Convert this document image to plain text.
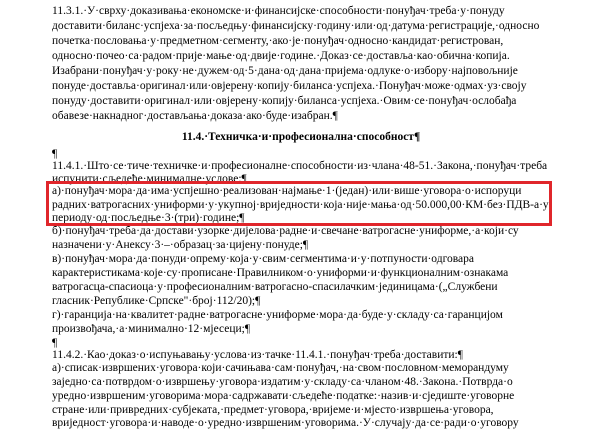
11.3.1.·У·сврху·доказивања·економске·и·финансијске·способности·понуђач·треба·у·понуду
доставити·биланс·успјеха·за·посљедњу·финансијску·годину·или·од·датума·регистрације,·односно
почетка·пословања·у·предметном·сегменту,·ако·је·понуђач·односно·кандидат·регистрован,
односно·почео·са·радом·прије·мање·од·двије·године.·Доказ·се·доставља·као·обична·копија.
Изабрани·понуђач·у·року·не·дужем·од·5·дана·од·дана·пријема·одлуке·о·избору·најповољније
понуде·доставља·оригинал·или·овјерену·копију·биланса·успјеха.·Понуђач·може·одмах·уз·своју
понуду·доставити·оригинал·или·овјерену·копију·биланса·успјеха.·Овим·се·понуђач·ослобађа
обавезе·накнадног·достављања·доказа·ако·буде·изабран.¶
11.4.·Техничка·и·професионална·способност¶
¶
11.4.1.·Што·се·тиче·техничке·и·професионалне·способности·из·члана·48-51.·Закона,·понуђач·треба
испунити·сљедеће·минималне·услове:¶
а)·понуђач·мора·да·има·успјешно·реализован·најмање·1·(један)·или·више·уговора·о·испоруци
радних·ватрогасних·униформи·у·укупној·вриједности·која·није·мања·од·50.000,00·КМ·без·ПДВ-а·у
периоду·од·посљедње·3·(три)·године;¶
б)·понуђач·треба·да·достави·узорке·дијелова·радне·и·свечане·ватрогасне·униформе,·а·који·су
назначени·у·Анексу·3·–·образац·за·цијену·понуде;¶
в)·понуђач·мора·да·понуди·опрему·која·у·свим·сегментима·и·у·потпуности·одговара
карактеристикама·које·су·прописане·Правилником·о·униформи·и·функционалним·ознакама
ватрогасца-спасиоца·у·професионалним·ватрогасно-спасилачким·јединицама·(„Службени
гласник·Републике·Српске"·број·112/20);¶
г)·гаранција·на·квалитет·радне·ватрогасне·униформе·мора·да·буде·у·складу·са·гаранцијом
произвођача,·а·минимално·12·мјесеци;¶
¶
11.4.2.·Као·доказ·о·испуњавању·услова·из·тачке·11.4.1.·понуђач·треба·доставити:¶
а)·списак·извршених·уговора·који·сачињава·сам·понуђач,·на·свом·пословном·меморандуму
заједно·са·потврдом·о·извршењу·уговора·издатим·у·складу·са·чланом·48.·Закона.·Потврда·о
уредно·извршеним·уговорима·мора·садржавати·сљедеће·податке:·назив·и·сједиште·уговорне
стране·или·привредних·субјеката,·предмет·уговора,·вријеме·и·мјесто·извршења·уговора,
вриједност·уговора·и·наводе·о·уредно·извршеним·уговорима.·У·случају·да·се·ради·о·уговору
